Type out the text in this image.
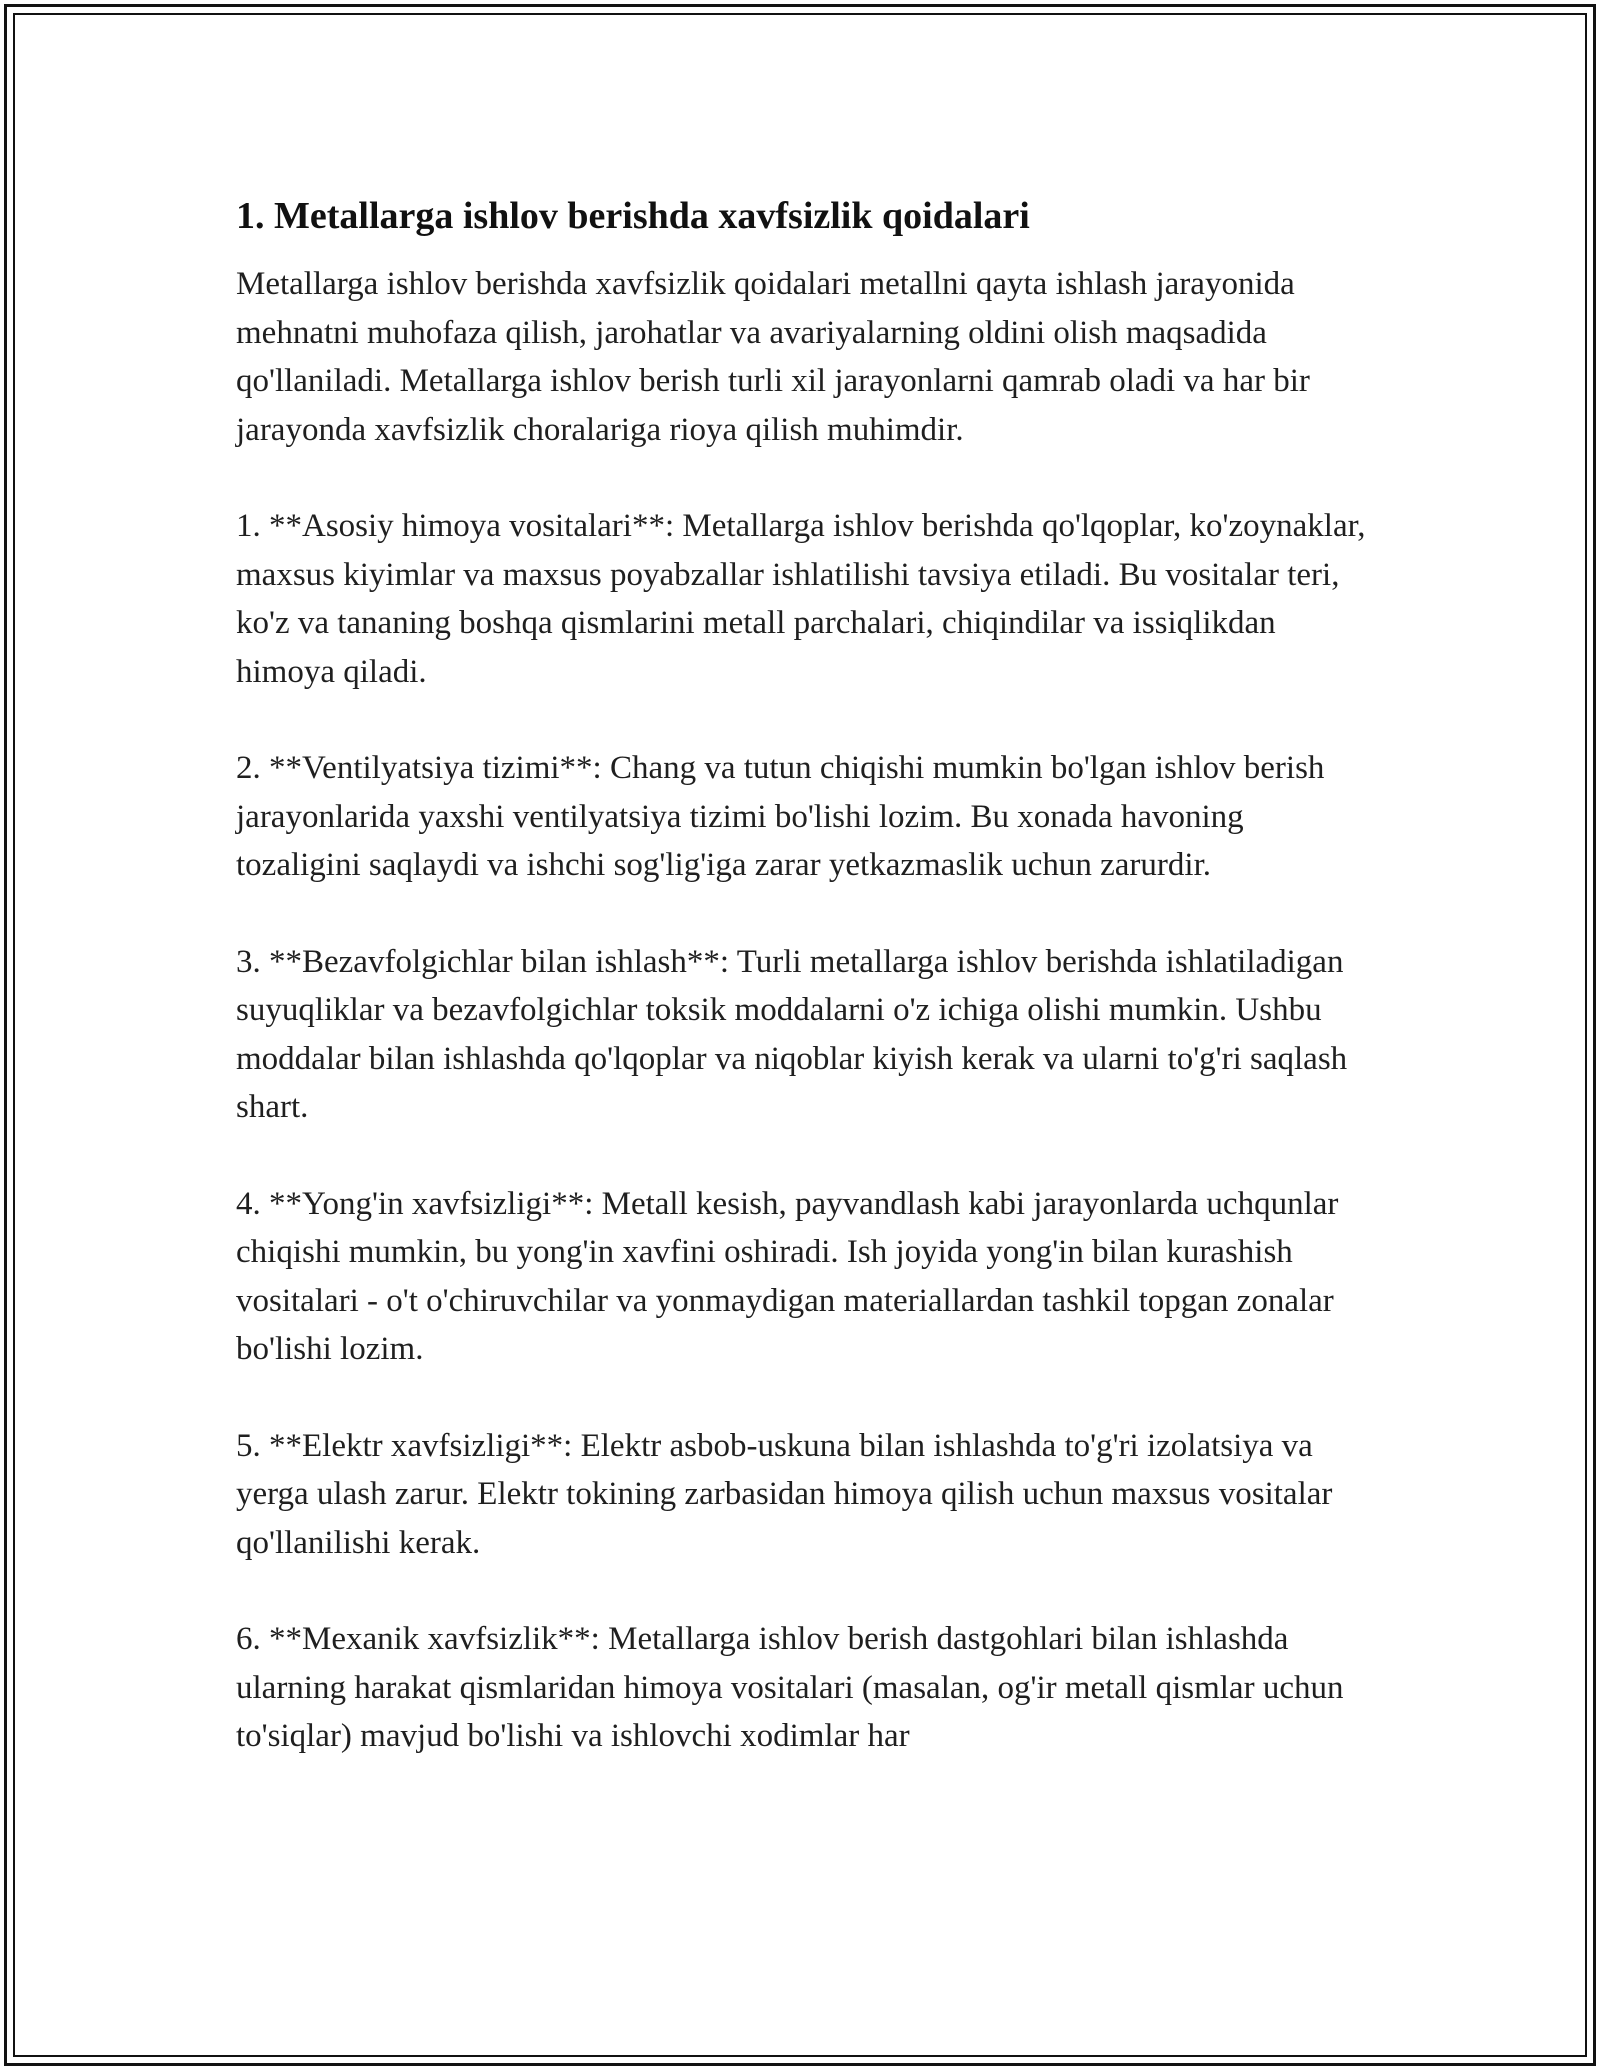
1. Metallarga ishlov berishda xavfsizlik qoidalari

Metallarga ishlov berishda xavfsizlik qoidalari metallni qayta ishlash jarayonida mehnatni muhofaza qilish, jarohatlar va avariyalarning oldini olish maqsadida qo'llaniladi. Metallarga ishlov berish turli xil jarayonlarni qamrab oladi va har bir jarayonda xavfsizlik choralariga rioya qilish muhimdir.

1. **Asosiy himoya vositalari**: Metallarga ishlov berishda qo'lqoplar, ko'zoynaklar, maxsus kiyimlar va maxsus poyabzallar ishlatilishi tavsiya etiladi. Bu vositalar teri, ko'z va tananing boshqa qismlarini metall parchalari, chiqindilar va issiqlikdan himoya qiladi.

2. **Ventilyatsiya tizimi**: Chang va tutun chiqishi mumkin bo'lgan ishlov berish jarayonlarida yaxshi ventilyatsiya tizimi bo'lishi lozim. Bu xonada havoning tozaligini saqlaydi va ishchi sog'lig'iga zarar yetkazmaslik uchun zarurdir.

3. **Bezavfolgichlar bilan ishlash**: Turli metallarga ishlov berishda ishlatiladigan suyuqliklar va bezavfolgichlar toksik moddalarni o'z ichiga olishi mumkin. Ushbu moddalar bilan ishlashda qo'lqoplar va niqoblar kiyish kerak va ularni to'g'ri saqlash shart.

4. **Yong'in xavfsizligi**: Metall kesish, payvandlash kabi jarayonlarda uchqunlar chiqishi mumkin, bu yong'in xavfini oshiradi. Ish joyida yong'in bilan kurashish vositalari - o't o'chiruvchilar va yonmaydigan materiallardan tashkil topgan zonalar bo'lishi lozim.

5. **Elektr xavfsizligi**: Elektr asbob-uskuna bilan ishlashda to'g'ri izolatsiya va yerga ulash zarur. Elektr tokining zarbasidan himoya qilish uchun maxsus vositalar qo'llanilishi kerak.

6. **Mexanik xavfsizlik**: Metallarga ishlov berish dastgohlari bilan ishlashda ularning harakat qismlaridan himoya vositalari (masalan, og'ir metall qismlar uchun to'siqlar) mavjud bo'lishi va ishlovchi xodimlar har
